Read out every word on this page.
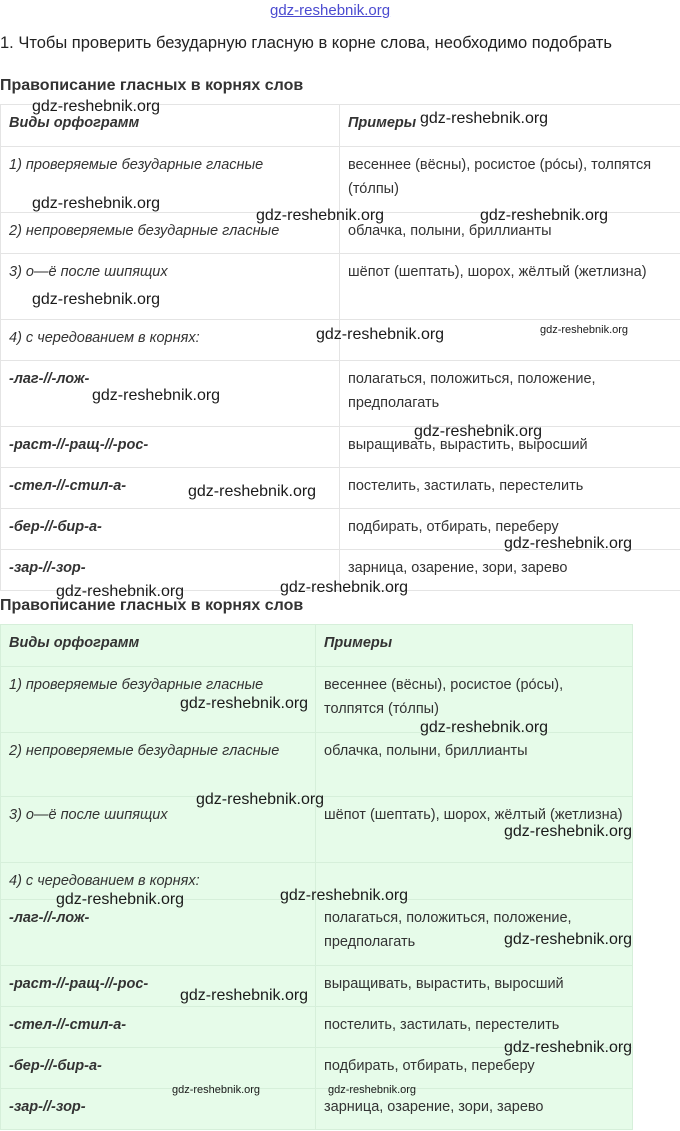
gdz-reshebnik.org
1. Чтобы проверить безударную гласную в корне слова, необходимо подобрать
Правописание гласных в корнях слов
Виды орфограмм	Примеры
1) проверяемые безударные гласные	весеннее (вёсны), росистое (ро́сы), толпятся (то́лпы)
2) непроверяемые безударные гласные	облачка, полыни, бриллианты
3) о—ё после шипящих	шёпот (шептать), шорох, жёлтый (жетлизна)
4) с чередованием в корнях:	
-лаг-//-лож-	полагаться, положиться, положение, предполагать
-раст-//-ращ-//-рос-	выращивать, вырастить, выросший
-стел-//-стил-а-	постелить, застилать, перестелить
-бер-//-бир-а-	подбирать, отбирать, переберу
-зар-//-зор-	зарница, озарение, зори, зарево
Правописание гласных в корнях слов
Виды орфограмм	Примеры
1) проверяемые безударные гласные	весеннее (вёсны), росистое (ро́сы), толпятся (то́лпы)
2) непроверяемые безударные гласные	облачка, полыни, бриллианты
3) о—ё после шипящих	шёпот (шептать), шорох, жёлтый (жетлизна)
4) с чередованием в корнях:	
-лаг-//-лож-	полагаться, положиться, положение, предполагать
-раст-//-ращ-//-рос-	выращивать, вырастить, выросший
-стел-//-стил-а-	постелить, застилать, перестелить
-бер-//-бир-а-	подбирать, отбирать, переберу
-зар-//-зор-	зарница, озарение, зори, зарево
gdz-reshebnik.org
gdz-reshebnik.org
gdz-reshebnik.org
gdz-reshebnik.org	gdz-reshebnik.org
gdz-reshebnik.org
gdz-reshebnik.org	gdz-reshebnik.org
gdz-reshebnik.org
gdz-reshebnik.org
gdz-reshebnik.org
gdz-reshebnik.org
gdz-reshebnik.org	gdz-reshebnik.org
gdz-reshebnik.org
gdz-reshebnik.org
gdz-reshebnik.org
gdz-reshebnik.org
gdz-reshebnik.org
gdz-reshebnik.org
gdz-reshebnik.org
gdz-reshebnik.org
gdz-reshebnik.org
gdz-reshebnik.org	gdz-reshebnik.org
